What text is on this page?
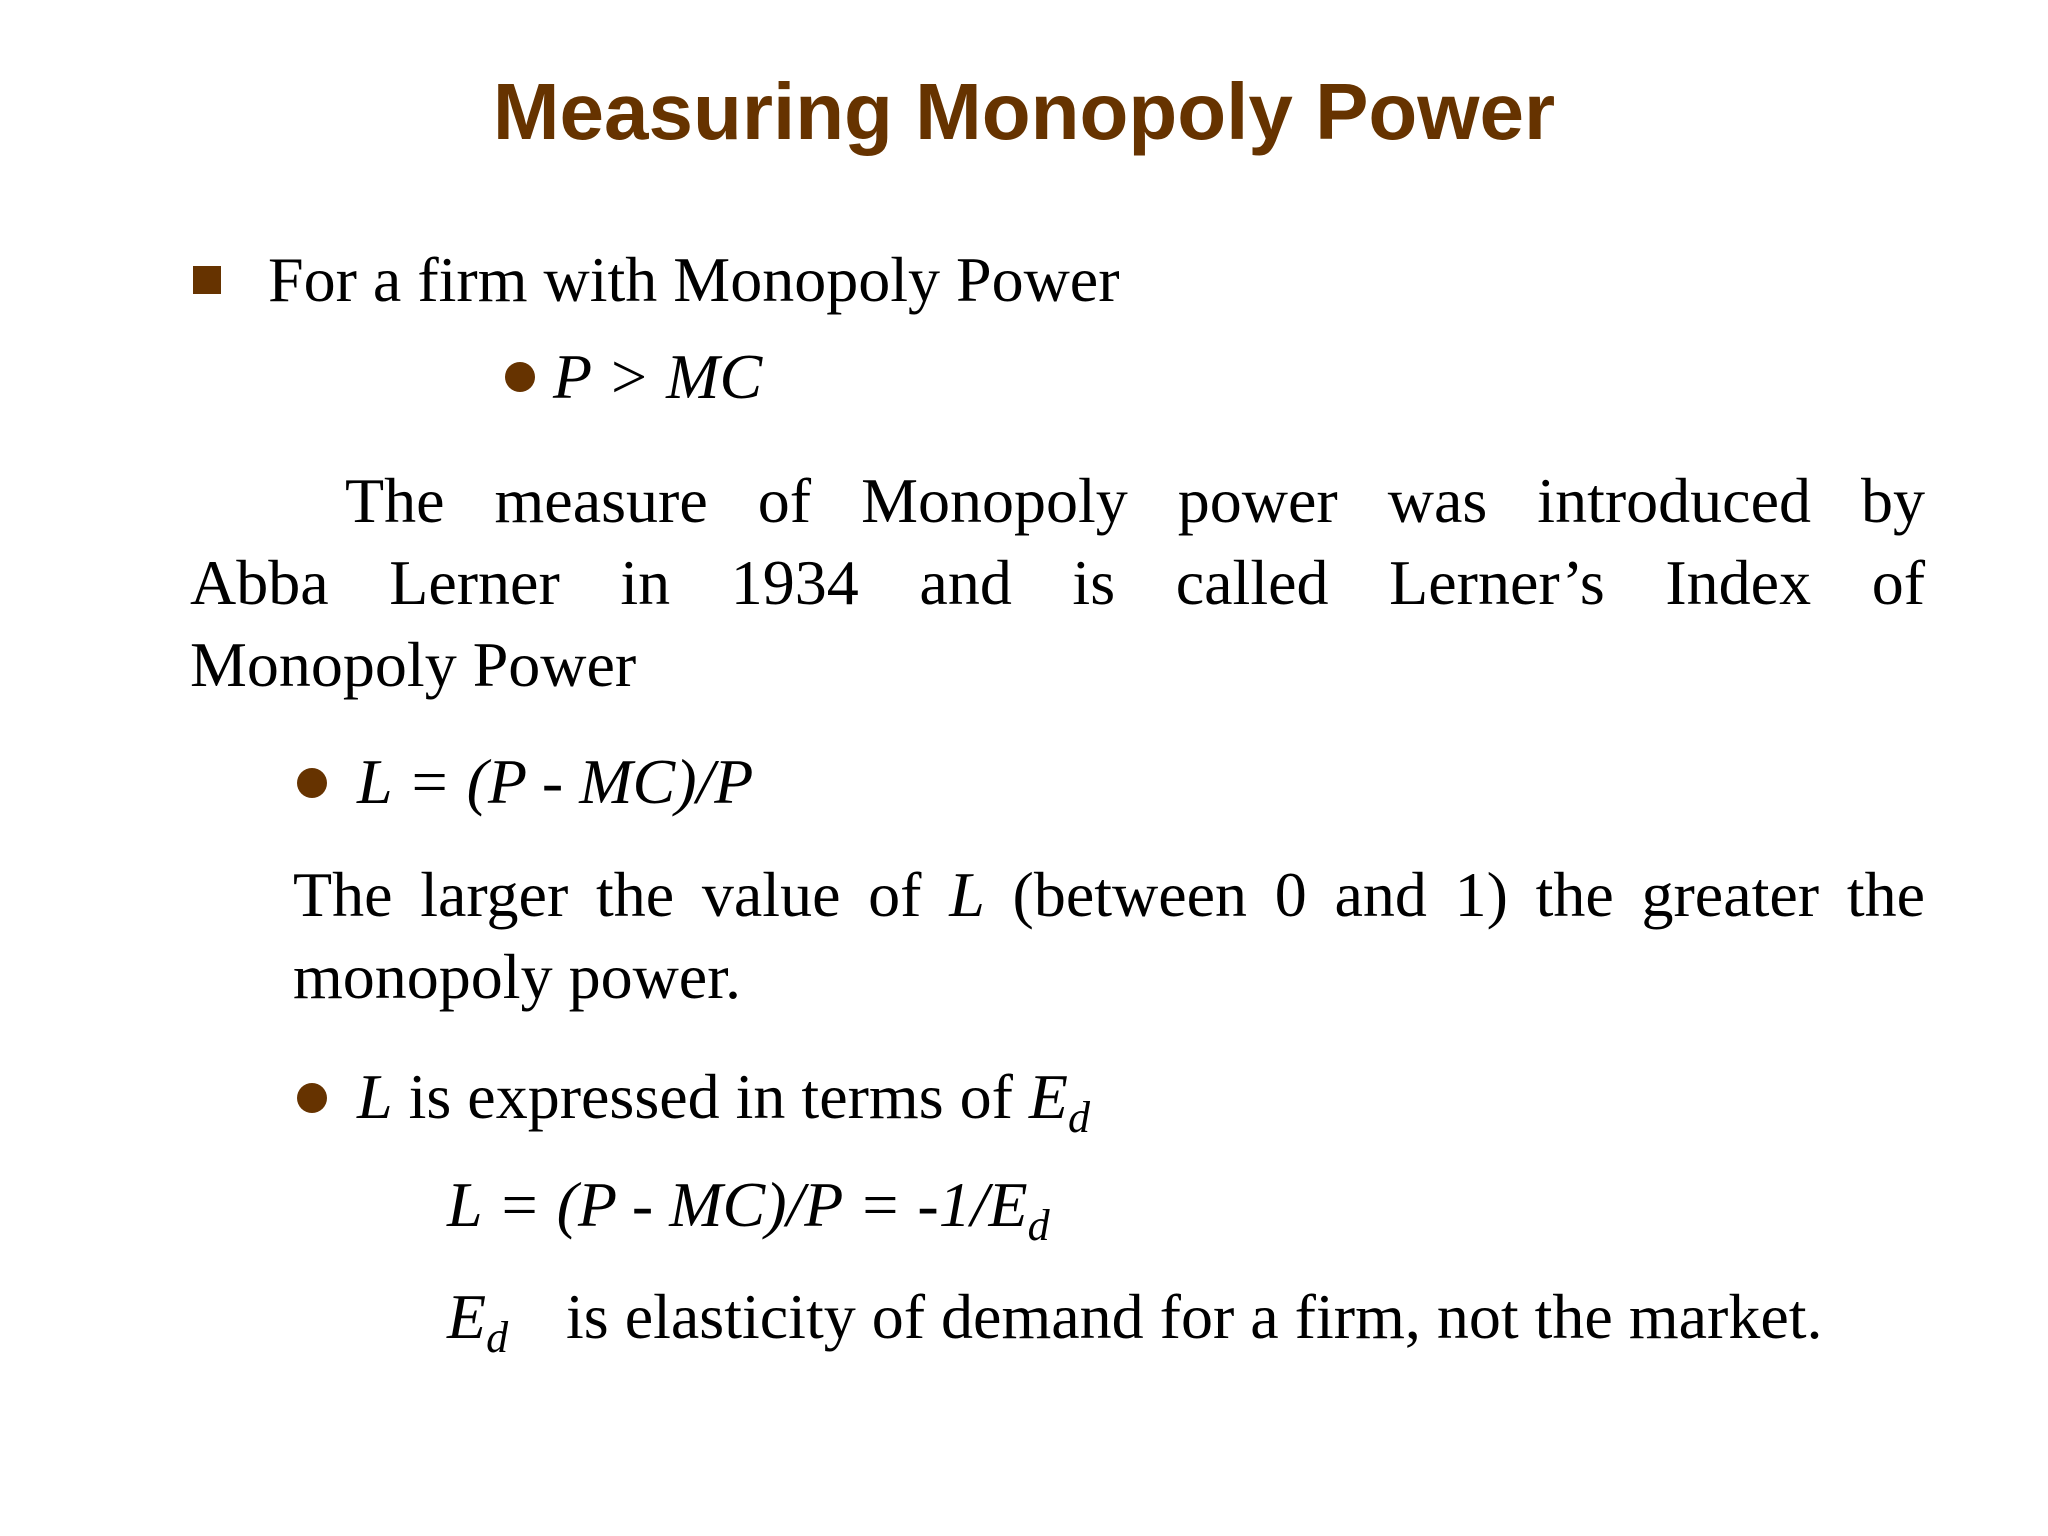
Measuring Monopoly Power
For a firm with Monopoly Power
P > MC
The measure of Monopoly power was introduced by
Abba Lerner in 1934 and is called Lerner’s Index of
Monopoly Power
L = (P - MC)/P
The larger the value of L (between 0 and 1) the greater the
monopoly power.
L is expressed in terms of $E_d$
$L = (P - MC)/P = -1/E_d$
$E_d$ is elasticity of demand for a firm, not the market.
